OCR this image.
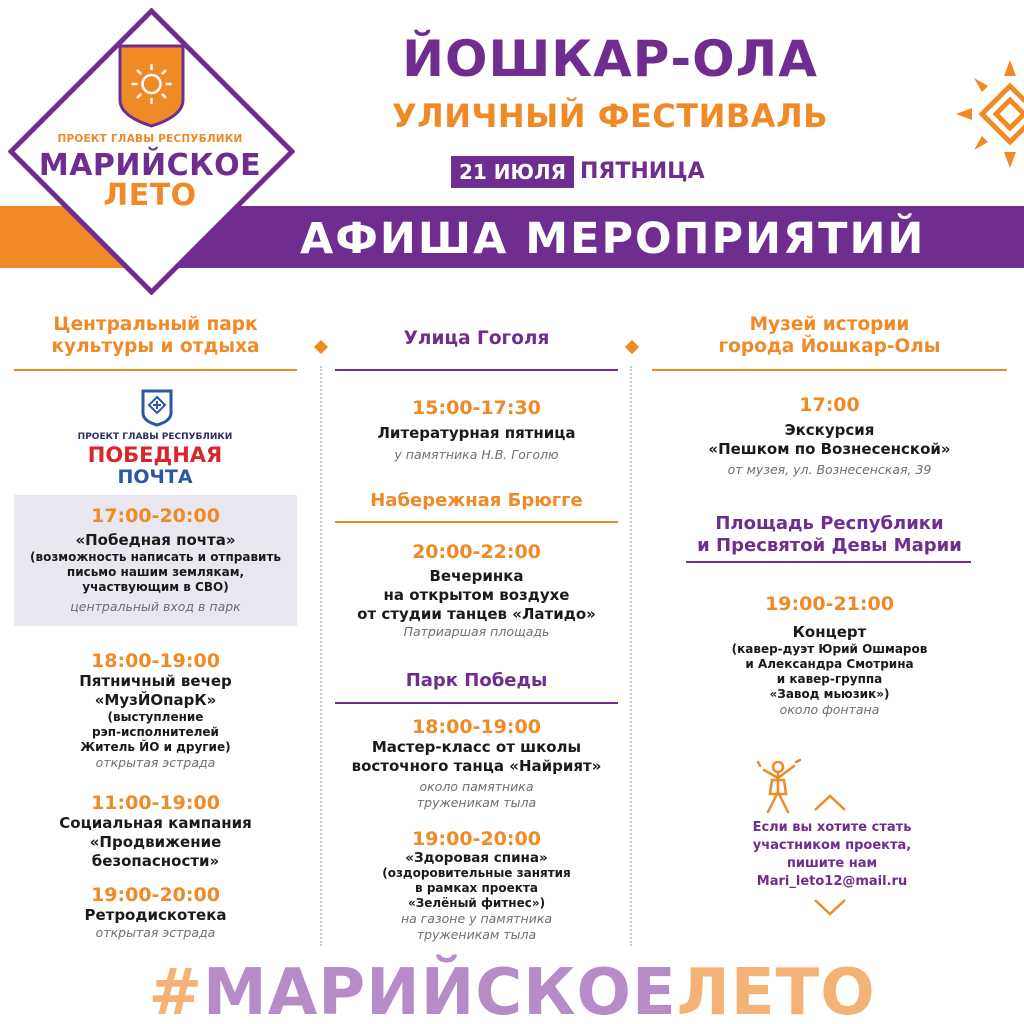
АФИША МЕРОПРИЯТИЙ
ПРОЕКТ ГЛАВЫ РЕСПУБЛИКИ
МАРИЙСКОЕ
ЛЕТО
ЙОШКАР-ОЛА
УЛИЧНЫЙ ФЕСТИВАЛЬ
21 ИЮЛЯ ПЯТНИЦА
Центральный парк
культуры и отдыха
ПРОЕКТ ГЛАВЫ РЕСПУБЛИКИ
ПОБЕДНАЯ
ПОЧТА
17:00-20:00
«Победная почта»
(возможность написать и отправить
письмо нашим землякам,
участвующим в СВО)
центральный вход в парк
18:00-19:00
Пятничный вечер
«МузЙОпарК»
(выступление
рэп-исполнителей
Житель ЙО и другие)
открытая эстрада
11:00-19:00
Социальная кампания
«Продвижение
безопасности»
19:00-20:00
Ретродискотека
открытая эстрада
Улица Гоголя
15:00-17:30
Литературная пятница
у памятника Н.В. Гоголю
Набережная Брюгге
20:00-22:00
Вечеринка
на открытом воздухе
от студии танцев «Латидо»
Патриаршая площадь
Парк Победы
18:00-19:00
Мастер-класс от школы
восточного танца «Найрият»
около памятника
труженикам тыла
19:00-20:00
«Здоровая спина»
(оздоровительные занятия
в рамках проекта
«Зелёный фитнес»)
на газоне у памятника
труженикам тыла
Музей истории
города Йошкар-Олы
17:00
Экскурсия
«Пешком по Вознесенской»
от музея, ул. Вознесенская, 39
Площадь Республики
и Пресвятой Девы Марии
19:00-21:00
Концерт
(кавер-дуэт Юрий Ошмаров
и Александра Смотрина
и кавер-группа
«Завод мьюзик»)
около фонтана
Если вы хотите стать
участником проекта,
пишите нам
Mari_leto12@mail.ru
#МАРИЙСКОЕЛЕТО
